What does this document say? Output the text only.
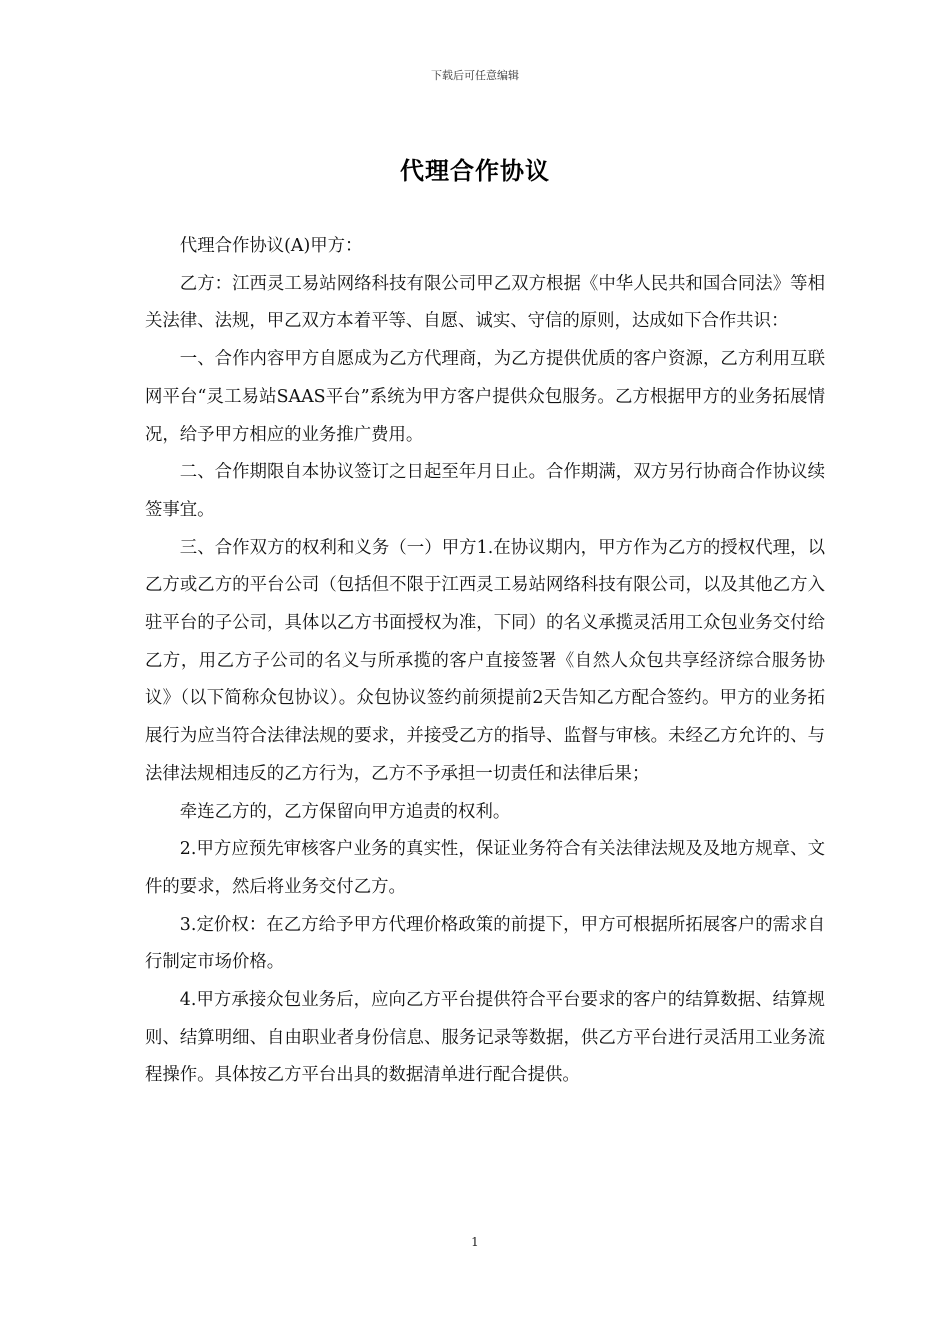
下载后可任意编辑
代理合作协议

代理合作协议(A)甲方：

乙方：江西灵工易站网络科技有限公司甲乙双方根据《中华人民共和国合同法》等相关法律、法规，甲乙双方本着平等、自愿、诚实、守信的原则，达成如下合作共识：

一、合作内容甲方自愿成为乙方代理商，为乙方提供优质的客户资源，乙方利用互联网平台“灵工易站SAAS平台”系统为甲方客户提供众包服务。乙方根据甲方的业务拓展情况，给予甲方相应的业务推广费用。

二、合作期限自本协议签订之日起至年月日止。合作期满，双方另行协商合作协议续签事宜。

三、合作双方的权利和义务（一）甲方1.在协议期内，甲方作为乙方的授权代理，以乙方或乙方的平台公司（包括但不限于江西灵工易站网络科技有限公司，以及其他乙方入驻平台的子公司，具体以乙方书面授权为准，下同）的名义承揽灵活用工众包业务交付给乙方，用乙方子公司的名义与所承揽的客户直接签署《自然人众包共享经济综合服务协议》（以下简称众包协议）。众包协议签约前须提前2天告知乙方配合签约。甲方的业务拓展行为应当符合法律法规的要求，并接受乙方的指导、监督与审核。未经乙方允许的、与法律法规相违反的乙方行为，乙方不予承担一切责任和法律后果；

牵连乙方的，乙方保留向甲方追责的权利。

2.甲方应预先审核客户业务的真实性，保证业务符合有关法律法规及及地方规章、文件的要求，然后将业务交付乙方。

3.定价权：在乙方给予甲方代理价格政策的前提下，甲方可根据所拓展客户的需求自行制定市场价格。

4.甲方承接众包业务后，应向乙方平台提供符合平台要求的客户的结算数据、结算规则、结算明细、自由职业者身份信息、服务记录等数据，供乙方平台进行灵活用工业务流程操作。具体按乙方平台出具的数据清单进行配合提供。

1
